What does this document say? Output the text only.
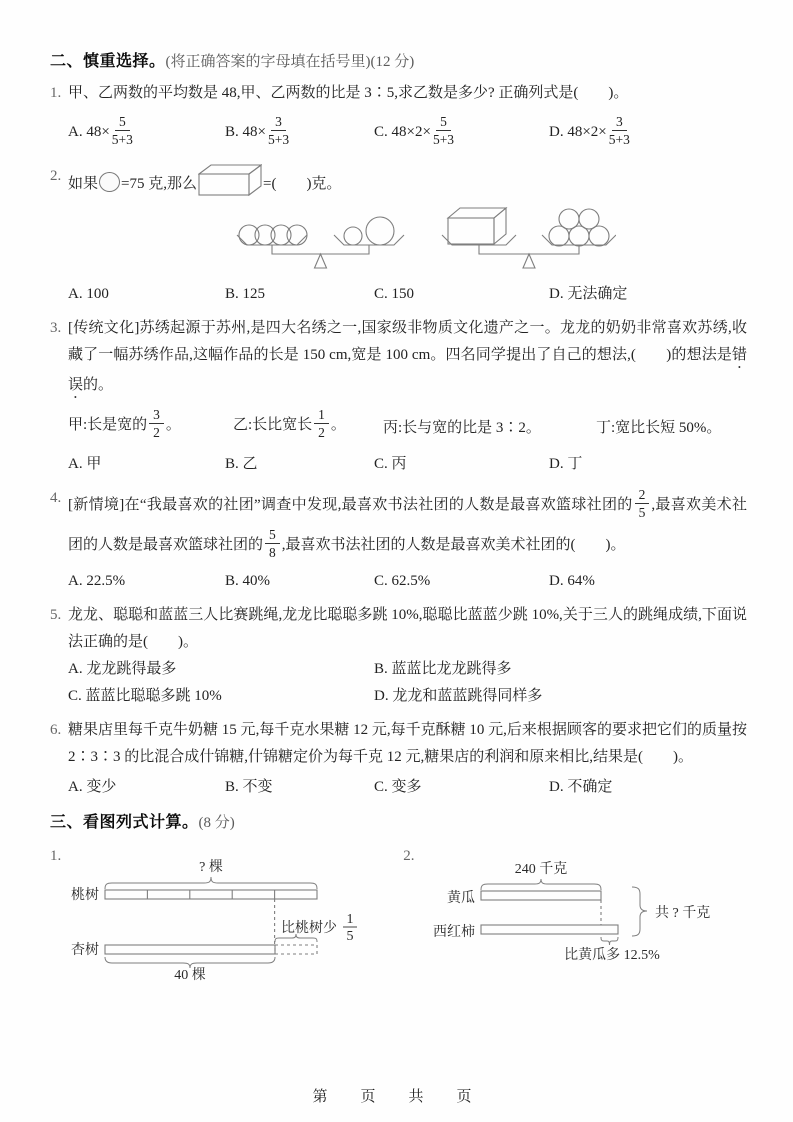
二、慎重选择。(将正确答案的字母填在括号里)(12 分)

1. 甲、乙两数的平均数是 48,甲、乙两数的比是 3∶5,求乙数是多少? 正确列式是(　　)。

A. $48\times \frac{5}{5+3}$	B. $48\times \frac{3}{5+3}$	C. $48\times 2\times \frac{5}{5+3}$	D. $48\times 2\times \frac{3}{5+3}$
2. 如果 =75 克,那么	=(　　)克。

A. 100	B. 125	C. 150	D. 无法确定
3. [传统文化]苏绣起源于苏州,是四大名绣之一,国家级非物质文化遗产之一。龙龙的奶奶非常喜欢苏绣,收藏了一幅苏绣作品,这幅作品的长是 150 cm,宽是 100 cm。四名同学提出了自己的想法,(　　)的想法是错误的。

甲:长是宽的 $\frac{3}{2}$ 。	乙:长比宽长 $\frac{1}{2}$ 。	丙:长与宽的比是 3∶2。	丁:宽比长短 50%。
A. 甲	B. 乙	C. 丙	D. 丁
4. [新情境]在“我最喜欢的社团”调查中发现,最喜欢书法社团的人数是最喜欢篮球社团的 $\frac{2}{5}$ ,最喜欢美术社团的人数是最喜欢篮球社团的 $\frac{5}{8}$ ,最喜欢书法社团的人数是最喜欢美术社团的(　　)。

A. 22.5%	B. 40%	C. 62.5%	D. 64%
5. 龙龙、聪聪和蓝蓝三人比赛跳绳,龙龙比聪聪多跳 10%,聪聪比蓝蓝少跳 10%,关于三人的跳绳成绩,下面说法正确的是(　　)。

A. 龙龙跳得最多	B. 蓝蓝比龙龙跳得多
C. 蓝蓝比聪聪多跳 10%	D. 龙龙和蓝蓝跳得同样多
6. 糖果店里每千克牛奶糖 15 元,每千克水果糖 12 元,每千克酥糖 10 元,后来根据顾客的要求把它们的质量按 2∶3∶3 的比混合成什锦糖,什锦糖定价为每千克 12 元,糖果店的利润和原来相比,结果是(　　)。

A. 变少	B. 不变	C. 变多	D. 不确定

三、看图列式计算。(8 分)

1.
桃树
? 棵
比桃树少
1
5
杏树
40 棵
2.
240 千克
黄瓜
西红柿
比黄瓜多 12.5%
共 ? 千克
第　页　共　页
